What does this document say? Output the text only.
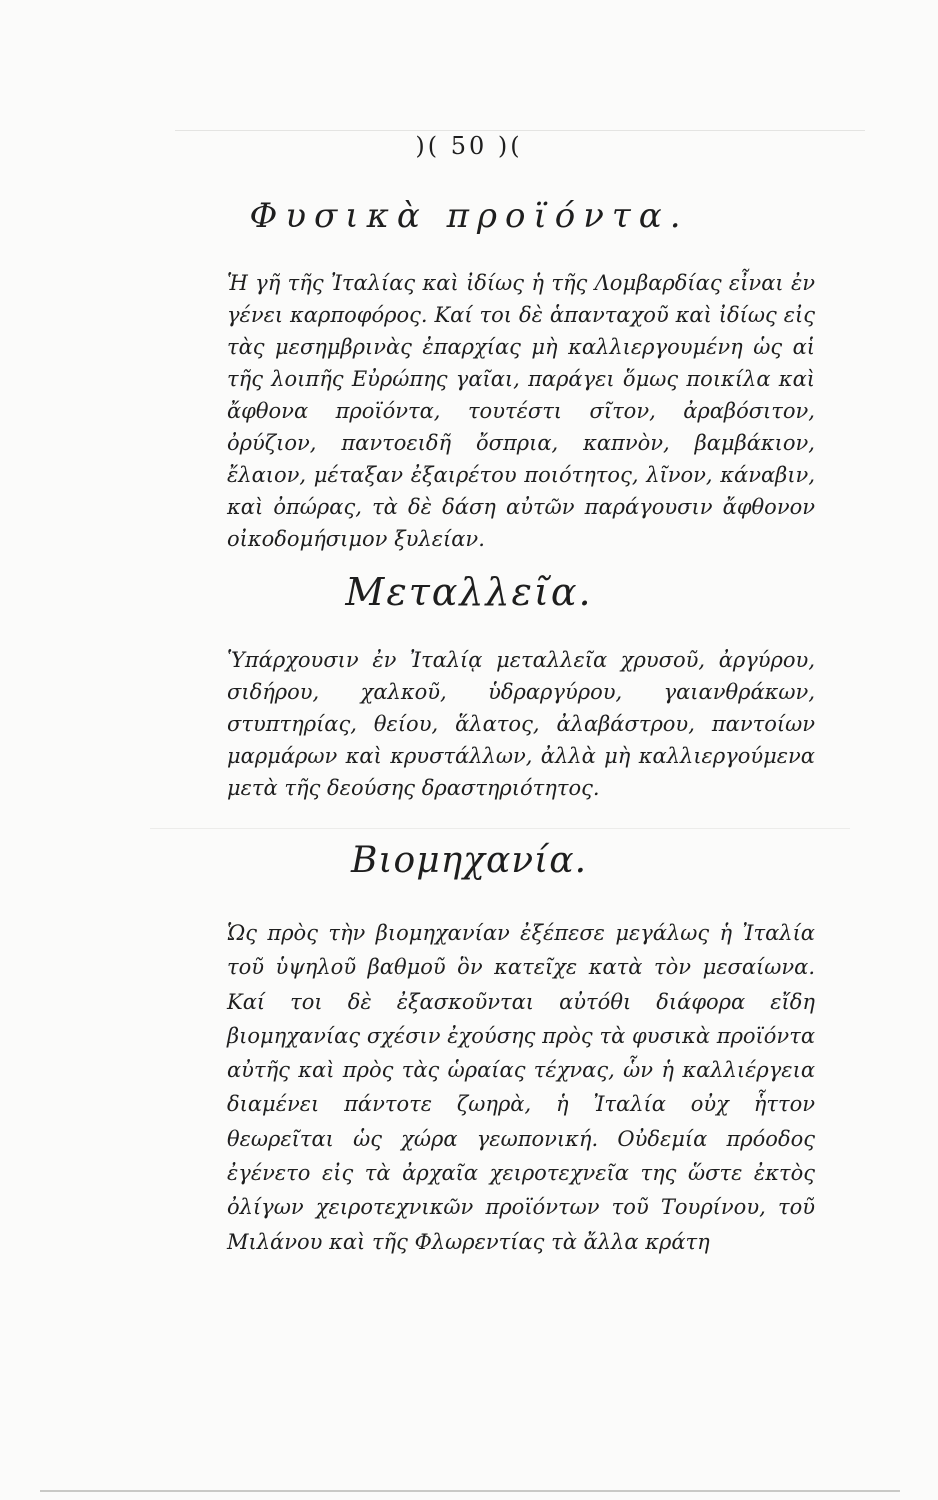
)( 50 )(
Φυσικὰ προϊόντα.
Ἡ γῆ τῆς Ἰταλίας καὶ ἰδίως ἡ τῆς Λομβαρδίας εἶναι ἐν γένει καρποφόρος. Καί τοι δὲ ἁπανταχοῦ καὶ ἰδίως εἰς τὰς μεσημβρινὰς ἐπαρχίας μὴ καλλιεργουμένη ὡς αἱ τῆς λοιπῆς Εὐρώπης γαῖαι, παράγει ὅμως ποικίλα καὶ ἄφθονα προϊόντα, τουτέστι σῖτον, ἀραβόσιτον, ὀρύζιον, παντοειδῆ ὄσπρια, καπνὸν, βαμβάκιον, ἔλαιον, μέταξαν ἐξαιρέτου ποιότητος, λῖνον, κάναβιν, καὶ ὀπώρας, τὰ δὲ δάση αὐτῶν παράγουσιν ἄφθονον οἰκοδομήσιμον ξυλείαν.
Μεταλλεῖα.
Ὑπάρχουσιν ἐν Ἰταλίᾳ μεταλλεῖα χρυσοῦ, ἀργύρου, σιδήρου, χαλκοῦ, ὑδραργύρου, γαιανθράκων, στυπτηρίας, θείου, ἅλατος, ἀλαβάστρου, παντοίων μαρμάρων καὶ κρυστάλλων, ἀλλὰ μὴ καλλιεργούμενα μετὰ τῆς δεούσης δραστηριότητος.
Βιομηχανία.
Ὡς πρὸς τὴν βιομηχανίαν ἐξέπεσε μεγάλως ἡ Ἰταλία τοῦ ὑψηλοῦ βαθμοῦ ὃν κατεῖχε κατὰ τὸν μεσαίωνα. Καί τοι δὲ ἐξασκοῦνται αὐτόθι διάφορα εἴδη βιομηχανίας σχέσιν ἐχούσης πρὸς τὰ φυσικὰ προϊόντα αὐτῆς καὶ πρὸς τὰς ὡραίας τέχνας, ὧν ἡ καλλιέργεια διαμένει πάντοτε ζωηρὰ, ἡ Ἰταλία οὐχ ἧττον θεωρεῖται ὡς χώρα γεωπονική. Οὐδεμία πρόοδος ἐγένετο εἰς τὰ ἀρχαῖα χειροτεχνεῖα της ὥστε ἐκτὸς ὀλίγων χειροτεχνικῶν προϊόντων τοῦ Τουρίνου, τοῦ Μιλάνου καὶ τῆς Φλωρεντίας τὰ ἄλλα κράτη
